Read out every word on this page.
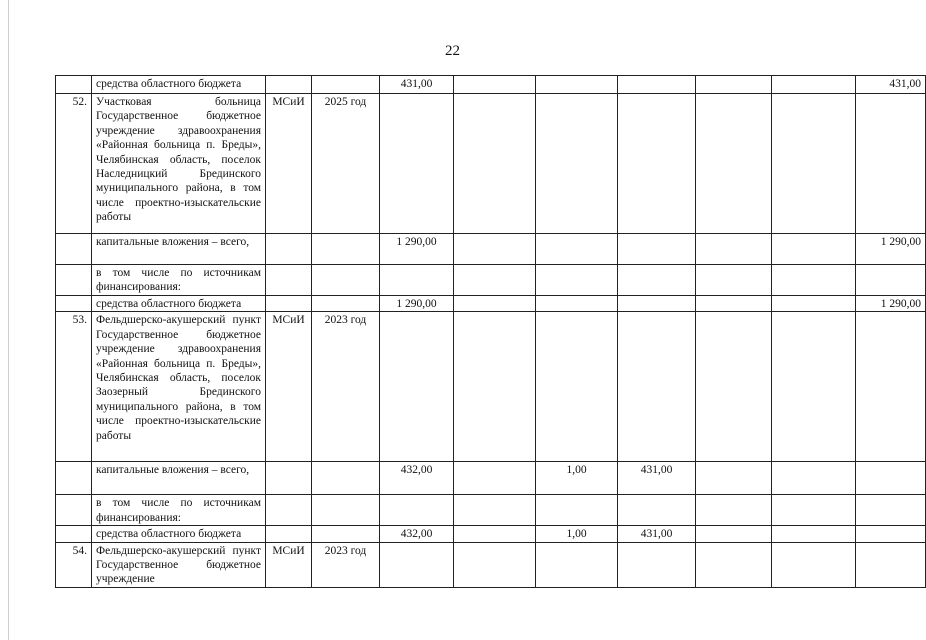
22
	средства областного бюджета			431,00						431,00
52.	Участковая больница Государственное бюджетное учреждение здравоохранения «Районная больница п. Бреды», Челябинская область, поселок Наследницкий Брединского муниципального района, в том числе проектно-изыскательские работы	МСиИ	2025 год							
	капитальные вложения – всего,			1 290,00						1 290,00
	в том числе по источникам финансирования:									
	средства областного бюджета			1 290,00						1 290,00
53.	Фельдшерско-акушерский пункт Государственное бюджетное учреждение здравоохранения «Районная больница п. Бреды», Челябинская область, поселок Заозерный Брединского муниципального района, в том числе проектно-изыскательские работы	МСиИ	2023 год							
	капитальные вложения – всего,			432,00		1,00	431,00			
	в том числе по источникам финансирования:									
	средства областного бюджета			432,00		1,00	431,00			
54.	Фельдшерско-акушерский пункт Государственное бюджетное учреждение	МСиИ	2023 год							
